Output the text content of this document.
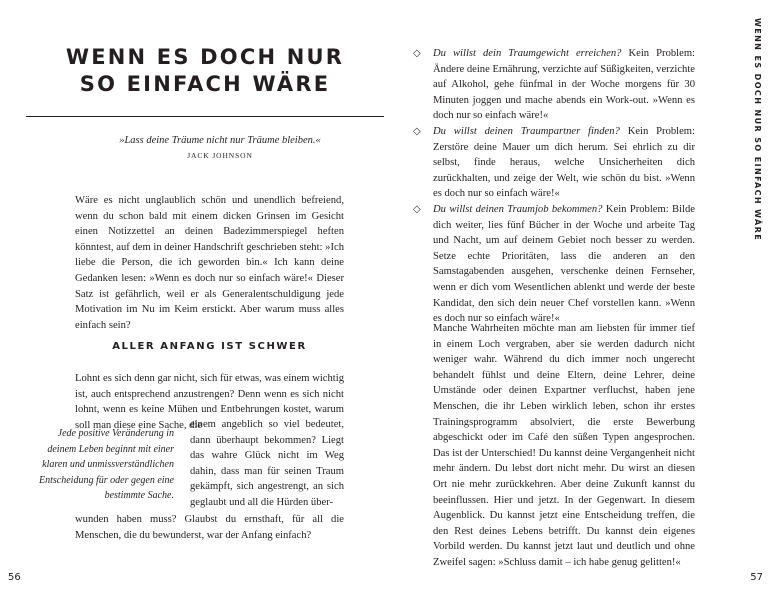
WENN ES DOCH NUR
SO EINFACH WÄRE
»Lass deine Träume nicht nur Träume bleiben.«
JACK JOHNSON

Wäre es nicht unglaublich schön und unendlich befreiend, wenn du schon bald mit einem dicken Grinsen im Gesicht einen Notizzettel an deinen Badezimmerspiegel heften könntest, auf dem in deiner Handschrift geschrieben steht: »Ich liebe die Person, die ich geworden bin.« Ich kann deine Gedanken lesen: »Wenn es doch nur so einfach wäre!« Dieser Satz ist gefährlich, weil er als Generalentschuldigung jede Motivation im Nu im Keim erstickt. Aber warum muss alles einfach sein?

ALLER ANFANG IST SCHWER

Lohnt es sich denn gar nicht, sich für etwas, was einem wichtig ist, auch entsprechend anzustrengen? Denn wenn es sich nicht lohnt, wenn es keine Mühen und Entbehrungen kostet, warum soll man diese eine Sache, die

einem angeblich so viel bedeutet, dann überhaupt bekommen? Liegt das wahre Glück nicht im Weg dahin, dass man für seinen Traum gekämpft, sich angestrengt, an sich geglaubt und all die Hürden über-

wunden haben muss? Glaubst du ernsthaft, für all die Menschen, die du bewunderst, war der Anfang einfach?

Jede positive Veränderung in deinem Leben beginnt mit einer klaren und unmissverständlichen Entscheidung für oder gegen eine bestimmte Sache.
56
WENN ES DOCH NUR SO EINFACH WÄRE
◇ Du willst dein Traumgewicht erreichen? Kein Problem: Ändere deine Ernährung, verzichte auf Süßigkeiten, verzichte auf Alkohol, gehe fünfmal in der Woche morgens für 30 Minuten joggen und mache abends ein Work-out. »Wenn es doch nur so einfach wäre!«
◇ Du willst deinen Traumpartner finden? Kein Problem: Zerstöre deine Mauer um dich herum. Sei ehrlich zu dir selbst, finde heraus, welche Unsicherheiten dich zurückhalten, und zeige der Welt, wie schön du bist. »Wenn es doch nur so einfach wäre!«
◇ Du willst deinen Traumjob bekommen? Kein Problem: Bilde dich weiter, lies fünf Bücher in der Woche und arbeite Tag und Nacht, um auf deinem Gebiet noch besser zu werden. Setze echte Prioritäten, lass die anderen an den Samstagabenden ausgehen, verschenke deinen Fernseher, wenn er dich vom Wesentlichen ablenkt und werde der beste Kandidat, den sich dein neuer Chef vorstellen kann. »Wenn es doch nur so einfach wäre!«

Manche Wahrheiten möchte man am liebsten für immer tief in einem Loch vergraben, aber sie werden dadurch nicht weniger wahr. Während du dich immer noch ungerecht behandelt fühlst und deine Eltern, deine Lehrer, deine Umstände oder deinen Expartner verfluchst, haben jene Menschen, die ihr Leben wirklich leben, schon ihr erstes Trainingsprogramm absolviert, die erste Bewerbung abgeschickt oder im Café den süßen Typen angesprochen. Das ist der Unterschied! Du kannst deine Vergangenheit nicht mehr ändern. Du lebst dort nicht mehr. Du wirst an diesen Ort nie mehr zurückkehren. Aber deine Zukunft kannst du beeinflussen. Hier und jetzt. In der Gegenwart. In diesem Augenblick. Du kannst jetzt eine Entscheidung treffen, die den Rest deines Lebens betrifft. Du kannst dein eigenes Vorbild werden. Du kannst jetzt laut und deutlich und ohne Zweifel sagen: »Schluss damit – ich habe genug gelitten!«

57
